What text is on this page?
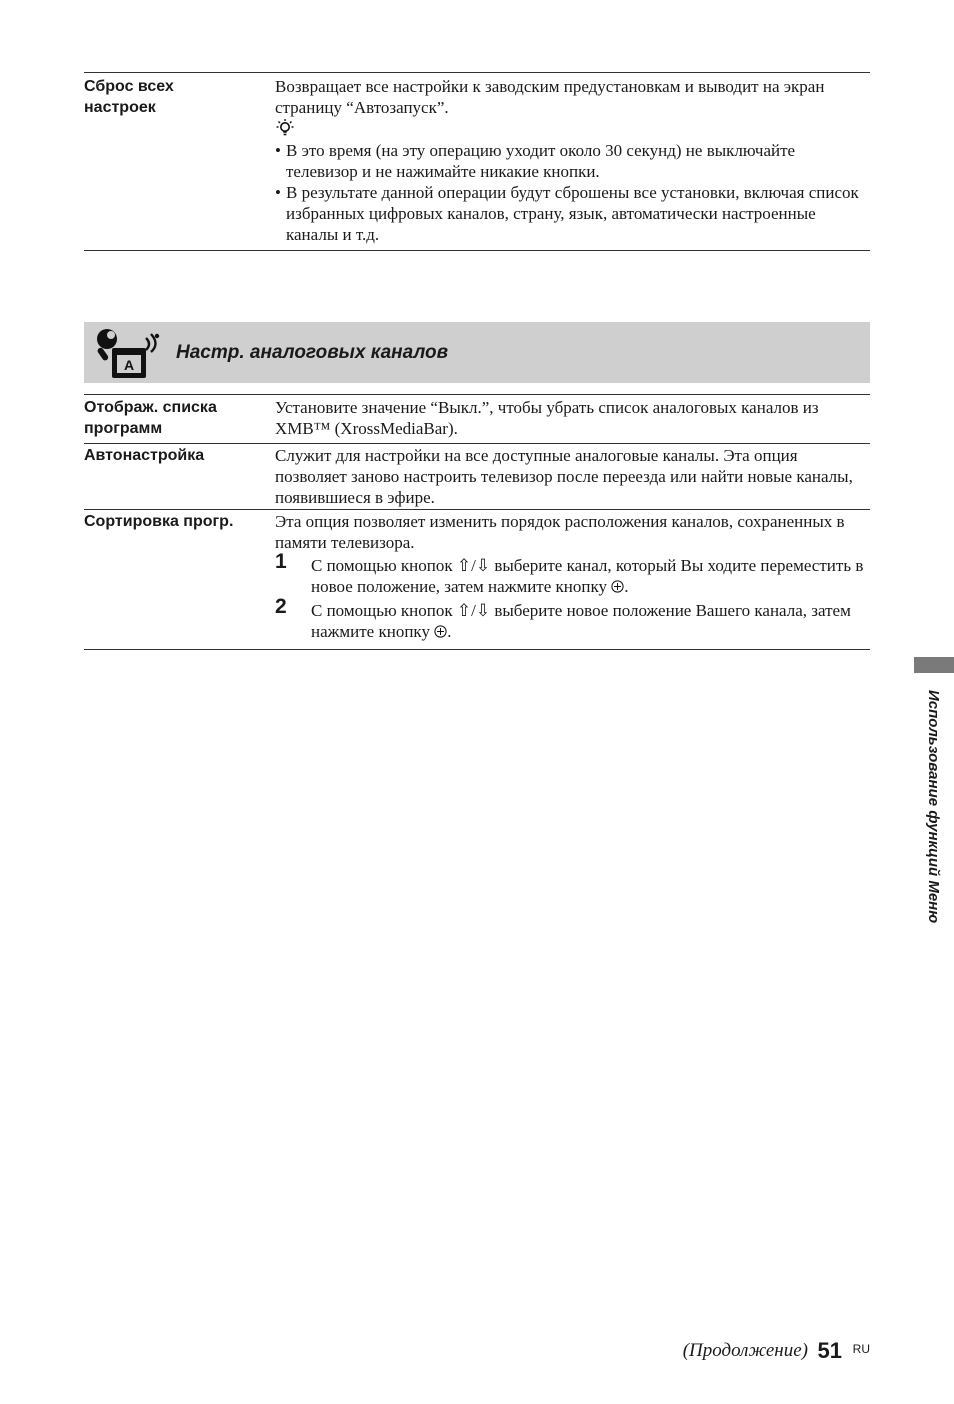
Сброс всех настроек
Возвращает все настройки к заводским предустановкам и выводит на экран страницу “Автозапуск”.
• В это время (на эту операцию уходит около 30 секунд) не выключайте телевизор и не нажимайте никакие кнопки.
• В результате данной операции будут сброшены все установки, включая список избранных цифровых каналов, страну, язык, автоматически настроенные каналы и т.д.
A
Настр. аналоговых каналов
Отображ. списка программ
Установите значение “Выкл.”, чтобы убрать список аналоговых каналов из XMB™ (XrossMediaBar).
Автонастройка	Служит для настройки на все доступные аналоговые каналы. Эта опция позволяет заново настроить телевизор после переезда или найти новые каналы, появившиеся в эфире.
Сортировка прогр.	Эта опция позволяет изменить порядок расположения каналов, сохраненных в памяти телевизора.
1 С помощью кнопок ⇧/⇩ выберите канал, который Вы ходите переместить в новое положение, затем нажмите кнопку .
2 С помощью кнопок ⇧/⇩ выберите новое положение Вашего канала, затем нажмите кнопку .
Использование функций Меню
(Продолжение) 51 RU
